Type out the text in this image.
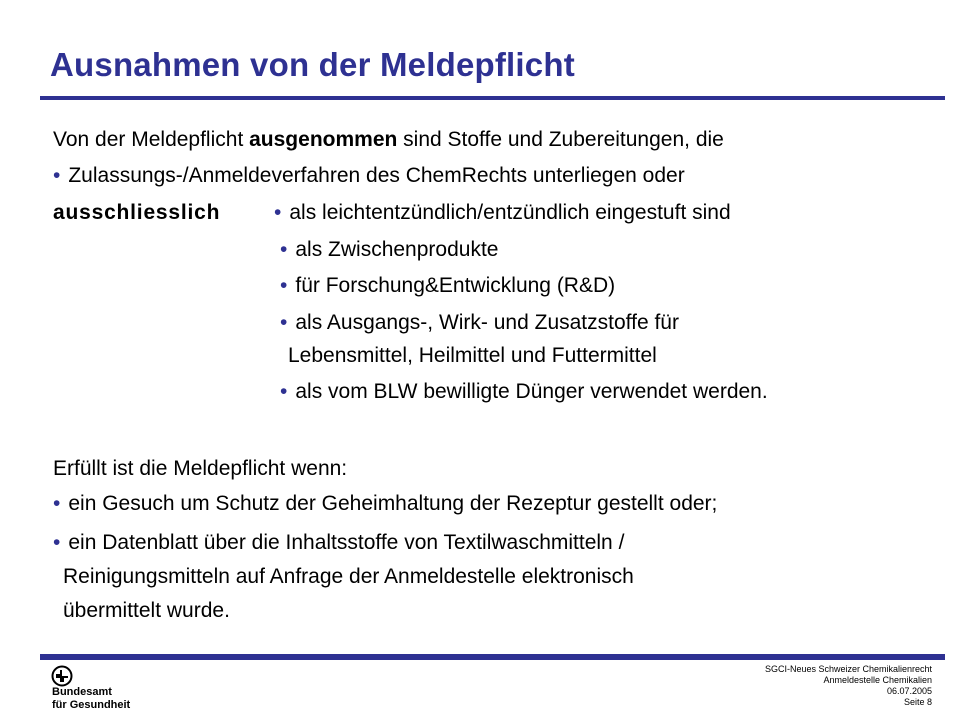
Ausnahmen von der Meldepflicht
Von der Meldepflicht ausgenommen sind Stoffe und Zubereitungen, die
• Zulassungs-/Anmeldeverfahren des ChemRechts unterliegen oder
ausschliesslich	• als leichtentzündlich/entzündlich eingestuft sind
• als Zwischenprodukte
• für Forschung&Entwicklung (R&D)
• als Ausgangs-, Wirk- und Zusatzstoffe für
Lebensmittel, Heilmittel und Futtermittel
• als vom BLW bewilligte Dünger verwendet werden.
Erfüllt ist die Meldepflicht wenn:
• ein Gesuch um Schutz der Geheimhaltung der Rezeptur gestellt oder;
• ein Datenblatt über die Inhaltsstoffe von Textilwaschmitteln /
Reinigungsmitteln auf Anfrage der Anmeldestelle elektronisch
übermittelt wurde.
Bundesamt
für Gesundheit
SGCI-Neues Schweizer Chemikalienrecht
Anmeldestelle Chemikalien
06.07.2005
Seite 8
